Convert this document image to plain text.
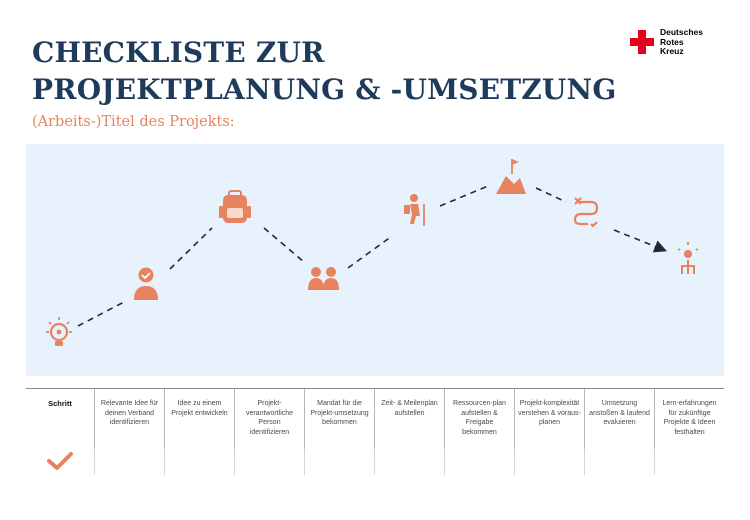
CHECKLISTE ZUR
PROJEKTPLANUNG & -UMSETZUNG
(Arbeits-)Titel des Projekts:
Deutsches
Rotes
Kreuz
Schritt	Relevante Idee für deinen Verband identifizieren
Idee zu einem Projekt entwickeln
Projekt-verantwortliche Person identifizieren
Mandat für die Projekt-umsetzung bekommen
Zeit- & Meilenplan aufstellen
Ressourcen-plan aufstellen & Freigabe bekommen
Projekt-komplexität verstehen & voraus-planen
Umsetzung anstoßen & laufend evaluieren
Lern-erfahrungen für zukünftige Projekte & Ideen festhalten
